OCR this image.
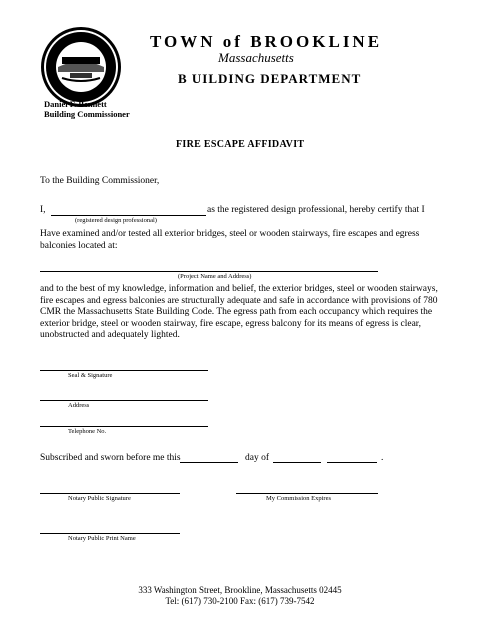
TOWN of BROOKLINE
Massachusetts
B UILDING DEPARTMENT
Daniel F. Bennett
Building Commissioner
FIRE ESCAPE AFFIDAVIT
To the Building Commissioner,
I,	as the registered design professional, hereby certify that I
(registered design professional)
Have examined and/or tested all exterior bridges, steel or wooden stairways, fire escapes and egress balconies located at:
(Project Name and Address)
and to the best of my knowledge, information and belief, the exterior bridges, steel or wooden stairways, fire escapes and egress balconies are structurally adequate and safe in accordance with provisions of 780 CMR the Massachusetts State Building Code. The egress path from each occupancy which requires the exterior bridge, steel or wooden stairway, fire escape, egress balcony for its means of egress is clear, unobstructed and adequately lighted.
Seal & Signature
Address
Telephone No.
Subscribed and sworn before me this	day of	.
Notary Public Signature	My Commission Expires
Notary Public Print Name
333 Washington Street, Brookline, Massachusetts 02445
Tel: (617) 730-2100 Fax: (617) 739-7542
